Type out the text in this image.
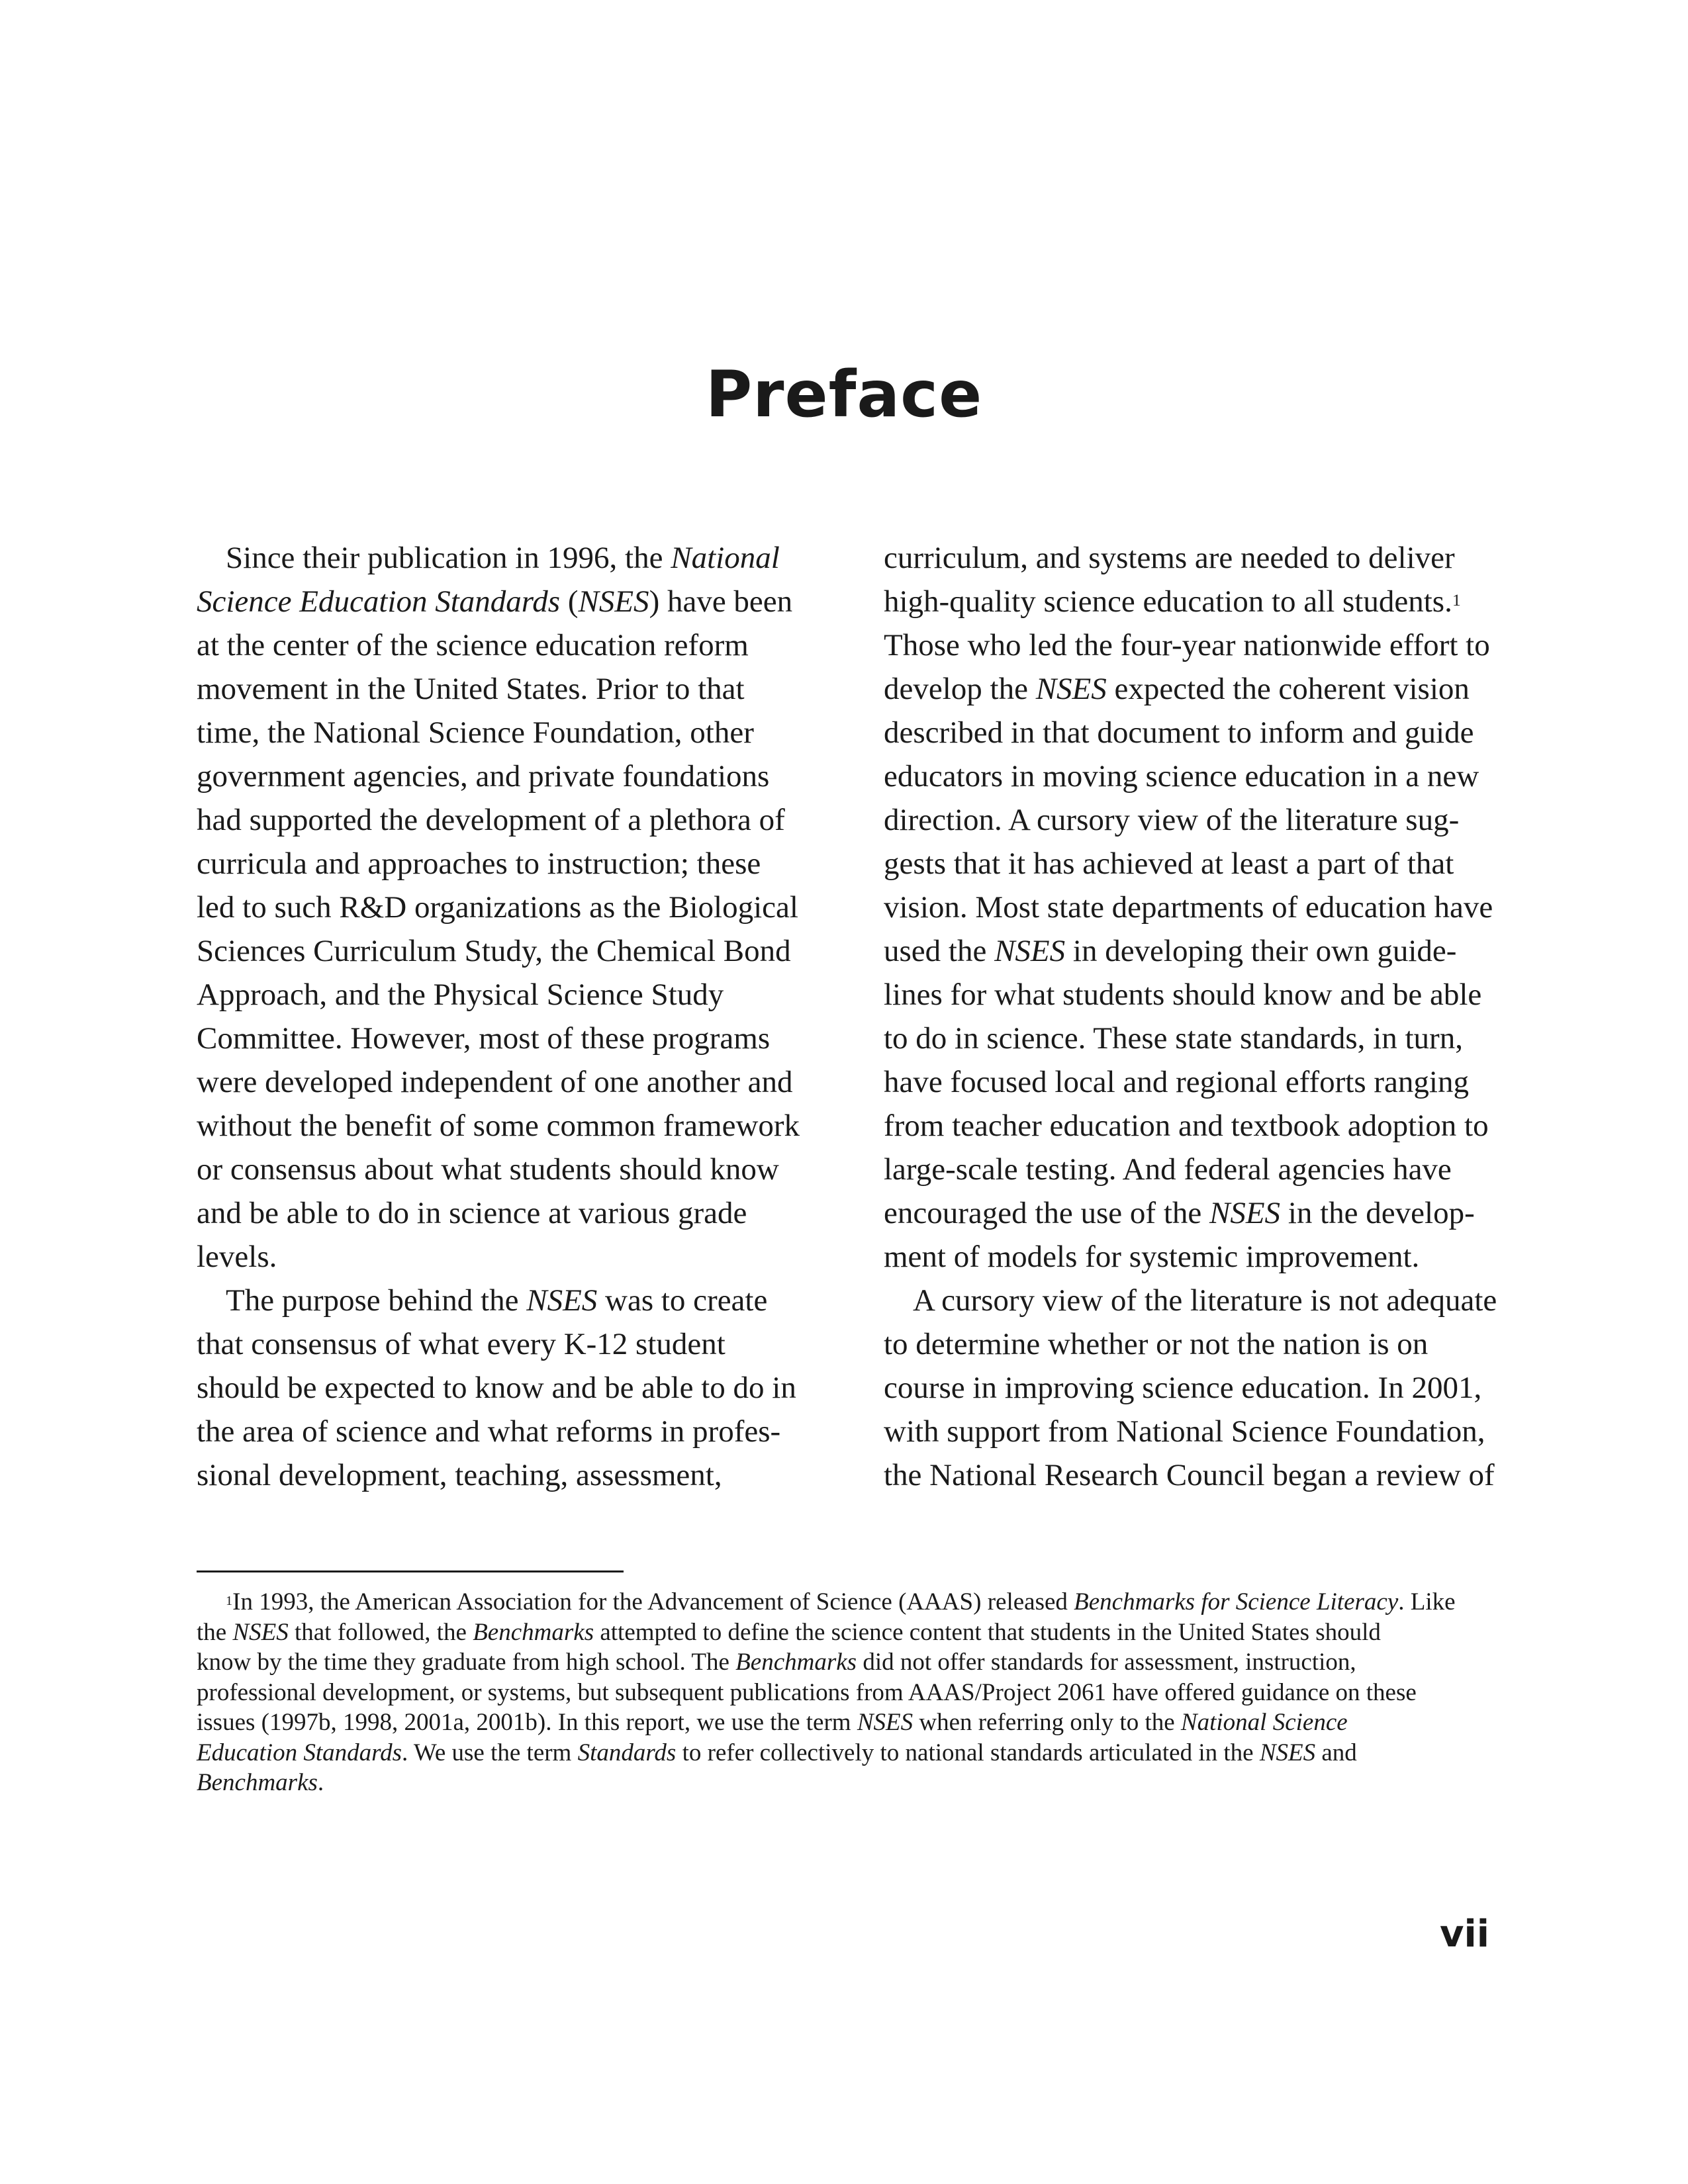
Preface
Since their publication in 1996, the National
Science Education Standards (NSES) have been
at the center of the science education reform
movement in the United States. Prior to that
time, the National Science Foundation, other
government agencies, and private foundations
had supported the development of a plethora of
curricula and approaches to instruction; these
led to such R&D organizations as the Biological
Sciences Curriculum Study, the Chemical Bond
Approach, and the Physical Science Study
Committee. However, most of these programs
were developed independent of one another and
without the benefit of some common framework
or consensus about what students should know
and be able to do in science at various grade
levels.
The purpose behind the NSES was to create
that consensus of what every K-12 student
should be expected to know and be able to do in
the area of science and what reforms in profes-
sional development, teaching, assessment,
curriculum, and systems are needed to deliver
high-quality science education to all students.$^1$
Those who led the four-year nationwide effort to
develop the NSES expected the coherent vision
described in that document to inform and guide
educators in moving science education in a new
direction. A cursory view of the literature sug-
gests that it has achieved at least a part of that
vision. Most state departments of education have
used the NSES in developing their own guide-
lines for what students should know and be able
to do in science. These state standards, in turn,
have focused local and regional efforts ranging
from teacher education and textbook adoption to
large-scale testing. And federal agencies have
encouraged the use of the NSES in the develop-
ment of models for systemic improvement.
A cursory view of the literature is not adequate
to determine whether or not the nation is on
course in improving science education. In 2001,
with support from National Science Foundation,
the National Research Council began a review of
$^1$In 1993, the American Association for the Advancement of Science (AAAS) released Benchmarks for Science Literacy. Like
the NSES that followed, the Benchmarks attempted to define the science content that students in the United States should
know by the time they graduate from high school. The Benchmarks did not offer standards for assessment, instruction,
professional development, or systems, but subsequent publications from AAAS/Project 2061 have offered guidance on these
issues (1997b, 1998, 2001a, 2001b). In this report, we use the term NSES when referring only to the National Science
Education Standards. We use the term Standards to refer collectively to national standards articulated in the NSES and
Benchmarks.
vii
